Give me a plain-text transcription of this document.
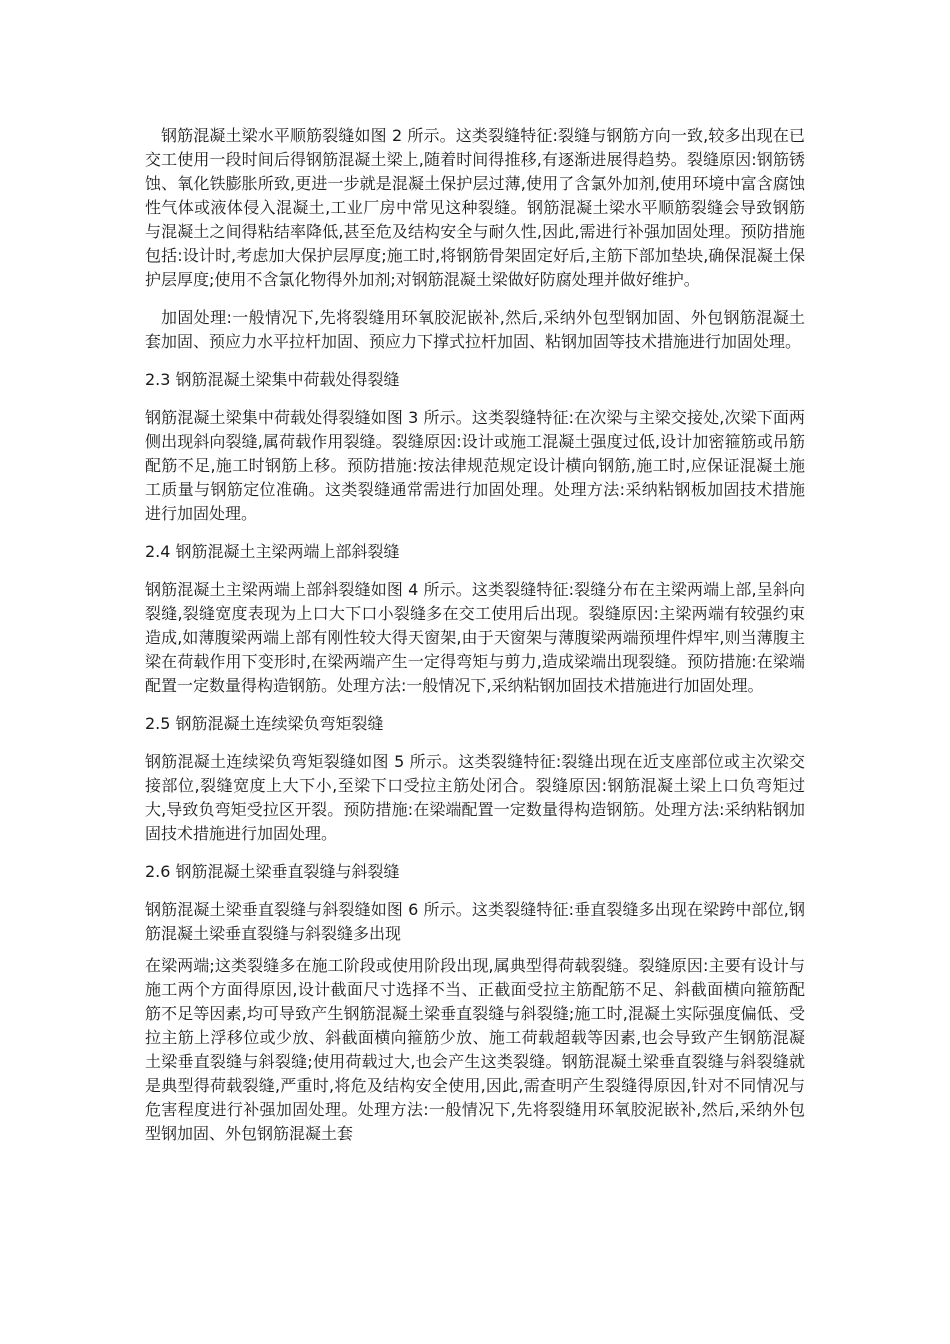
钢筋混凝土梁水平顺筋裂缝如图 2 所示。这类裂缝特征:裂缝与钢筋方向一致,较多出现在已交工使用一段时间后得钢筋混凝土梁上,随着时间得推移,有逐渐进展得趋势。裂缝原因:钢筋锈蚀、氧化铁膨胀所致,更进一步就是混凝土保护层过薄,使用了含氯外加剂,使用环境中富含腐蚀性气体或液体侵入混凝土,工业厂房中常见这种裂缝。钢筋混凝土梁水平顺筋裂缝会导致钢筋与混凝土之间得粘结率降低,甚至危及结构安全与耐久性,因此,需进行补强加固处理。预防措施包括:设计时,考虑加大保护层厚度;施工时,将钢筋骨架固定好后,主筋下部加垫块,确保混凝土保护层厚度;使用不含氯化物得外加剂;对钢筋混凝土梁做好防腐处理并做好维护。

加固处理:一般情况下,先将裂缝用环氧胶泥嵌补,然后,采纳外包型钢加固、外包钢筋混凝土套加固、预应力水平拉杆加固、预应力下撑式拉杆加固、粘钢加固等技术措施进行加固处理。

2.3 钢筋混凝土梁集中荷载处得裂缝

钢筋混凝土梁集中荷载处得裂缝如图 3 所示。这类裂缝特征:在次梁与主梁交接处,次梁下面两侧出现斜向裂缝,属荷载作用裂缝。裂缝原因:设计或施工混凝土强度过低,设计加密箍筋或吊筋配筋不足,施工时钢筋上移。预防措施:按法律规范规定设计横向钢筋,施工时,应保证混凝土施工质量与钢筋定位准确。这类裂缝通常需进行加固处理。处理方法:采纳粘钢板加固技术措施进行加固处理。

2.4 钢筋混凝土主梁两端上部斜裂缝

钢筋混凝土主梁两端上部斜裂缝如图 4 所示。这类裂缝特征:裂缝分布在主梁两端上部,呈斜向裂缝,裂缝宽度表现为上口大下口小裂缝多在交工使用后出现。裂缝原因:主梁两端有较强约束造成,如薄腹梁两端上部有刚性较大得天窗架,由于天窗架与薄腹梁两端预埋件焊牢,则当薄腹主梁在荷载作用下变形时,在梁两端产生一定得弯矩与剪力,造成梁端出现裂缝。预防措施:在梁端配置一定数量得构造钢筋。处理方法:一般情况下,采纳粘钢加固技术措施进行加固处理。

2.5 钢筋混凝土连续梁负弯矩裂缝

钢筋混凝土连续梁负弯矩裂缝如图 5 所示。这类裂缝特征:裂缝出现在近支座部位或主次梁交接部位,裂缝宽度上大下小,至梁下口受拉主筋处闭合。裂缝原因:钢筋混凝土梁上口负弯矩过大,导致负弯矩受拉区开裂。预防措施:在梁端配置一定数量得构造钢筋。处理方法:采纳粘钢加固技术措施进行加固处理。

2.6 钢筋混凝土梁垂直裂缝与斜裂缝

钢筋混凝土梁垂直裂缝与斜裂缝如图 6 所示。这类裂缝特征:垂直裂缝多出现在梁跨中部位,钢筋混凝土梁垂直裂缝与斜裂缝多出现

在梁两端;这类裂缝多在施工阶段或使用阶段出现,属典型得荷载裂缝。裂缝原因:主要有设计与施工两个方面得原因,设计截面尺寸选择不当、正截面受拉主筋配筋不足、斜截面横向箍筋配筋不足等因素,均可导致产生钢筋混凝土梁垂直裂缝与斜裂缝;施工时,混凝土实际强度偏低、受拉主筋上浮移位或少放、斜截面横向箍筋少放、施工荷载超载等因素,也会导致产生钢筋混凝土梁垂直裂缝与斜裂缝;使用荷载过大,也会产生这类裂缝。钢筋混凝土梁垂直裂缝与斜裂缝就是典型得荷载裂缝,严重时,将危及结构安全使用,因此,需查明产生裂缝得原因,针对不同情况与危害程度进行补强加固处理。处理方法:一般情况下,先将裂缝用环氧胶泥嵌补,然后,采纳外包型钢加固、外包钢筋混凝土套
